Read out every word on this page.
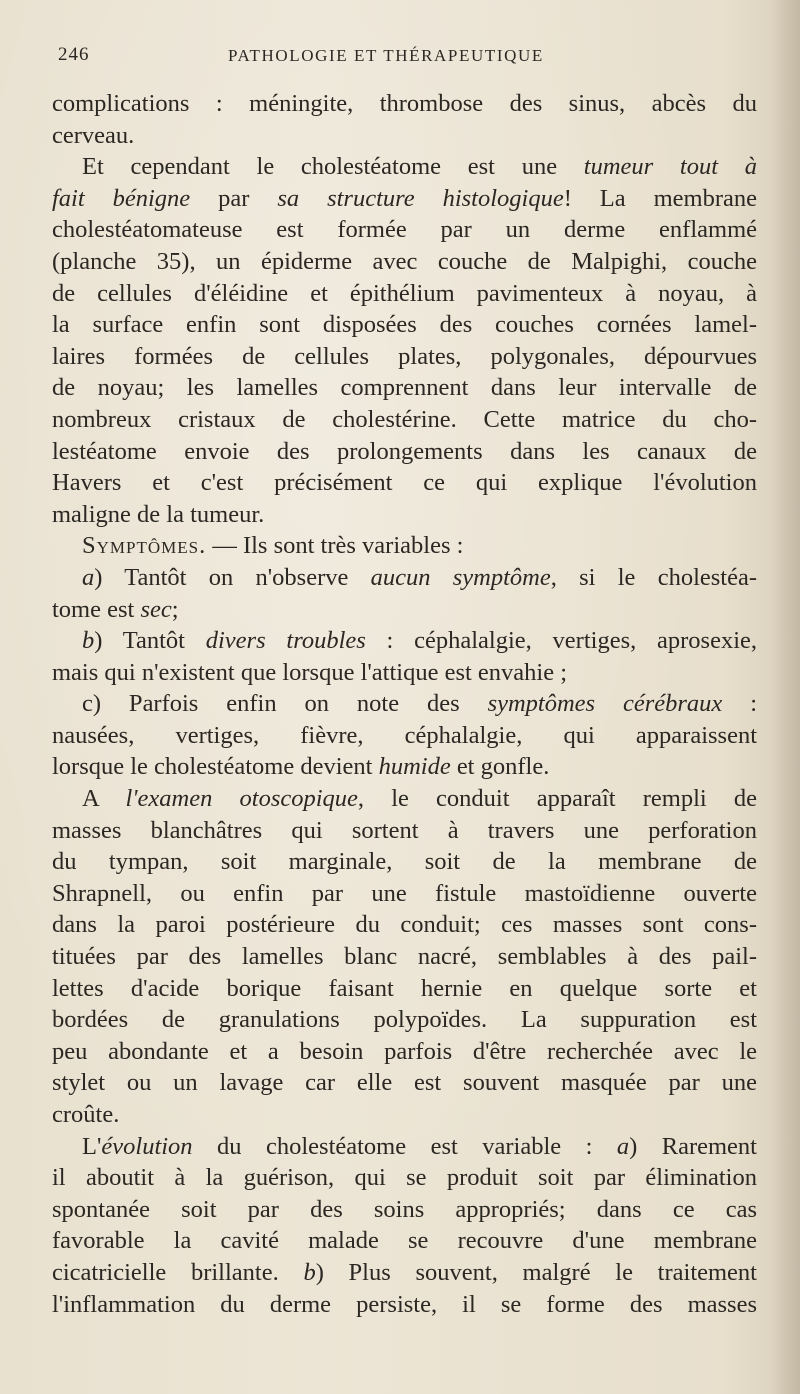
246	PATHOLOGIE ET THÉRAPEUTIQUE
complications : méningite, thrombose des sinus, abcès du
cerveau.
Et cependant le cholestéatome est une tumeur tout à
fait bénigne par sa structure histologique! La membrane
cholestéatomateuse est formée par un derme enflammé
(planche 35), un épiderme avec couche de Malpighi, couche
de cellules d'éléidine et épithélium pavimenteux à noyau, à
la surface enfin sont disposées des couches cornées lamel-
laires formées de cellules plates, polygonales, dépourvues
de noyau; les lamelles comprennent dans leur intervalle de
nombreux cristaux de cholestérine. Cette matrice du cho-
lestéatome envoie des prolongements dans les canaux de
Havers et c'est précisément ce qui explique l'évolution
maligne de la tumeur.
Symptômes. — Ils sont très variables :
a) Tantôt on n'observe aucun symptôme, si le cholestéa-
tome est sec;
b) Tantôt divers troubles : céphalalgie, vertiges, aprosexie,
mais qui n'existent que lorsque l'attique est envahie ;
c) Parfois enfin on note des symptômes cérébraux :
nausées, vertiges, fièvre, céphalalgie, qui apparaissent
lorsque le cholestéatome devient humide et gonfle.
A l'examen otoscopique, le conduit apparaît rempli de
masses blanchâtres qui sortent à travers une perforation
du tympan, soit marginale, soit de la membrane de
Shrapnell, ou enfin par une fistule mastoïdienne ouverte
dans la paroi postérieure du conduit; ces masses sont cons-
tituées par des lamelles blanc nacré, semblables à des pail-
lettes d'acide borique faisant hernie en quelque sorte et
bordées de granulations polypoïdes. La suppuration est
peu abondante et a besoin parfois d'être recherchée avec le
stylet ou un lavage car elle est souvent masquée par une
croûte.
L'évolution du cholestéatome est variable : a) Rarement
il aboutit à la guérison, qui se produit soit par élimination
spontanée soit par des soins appropriés; dans ce cas
favorable la cavité malade se recouvre d'une membrane
cicatricielle brillante. b) Plus souvent, malgré le traitement
l'inflammation du derme persiste, il se forme des masses
